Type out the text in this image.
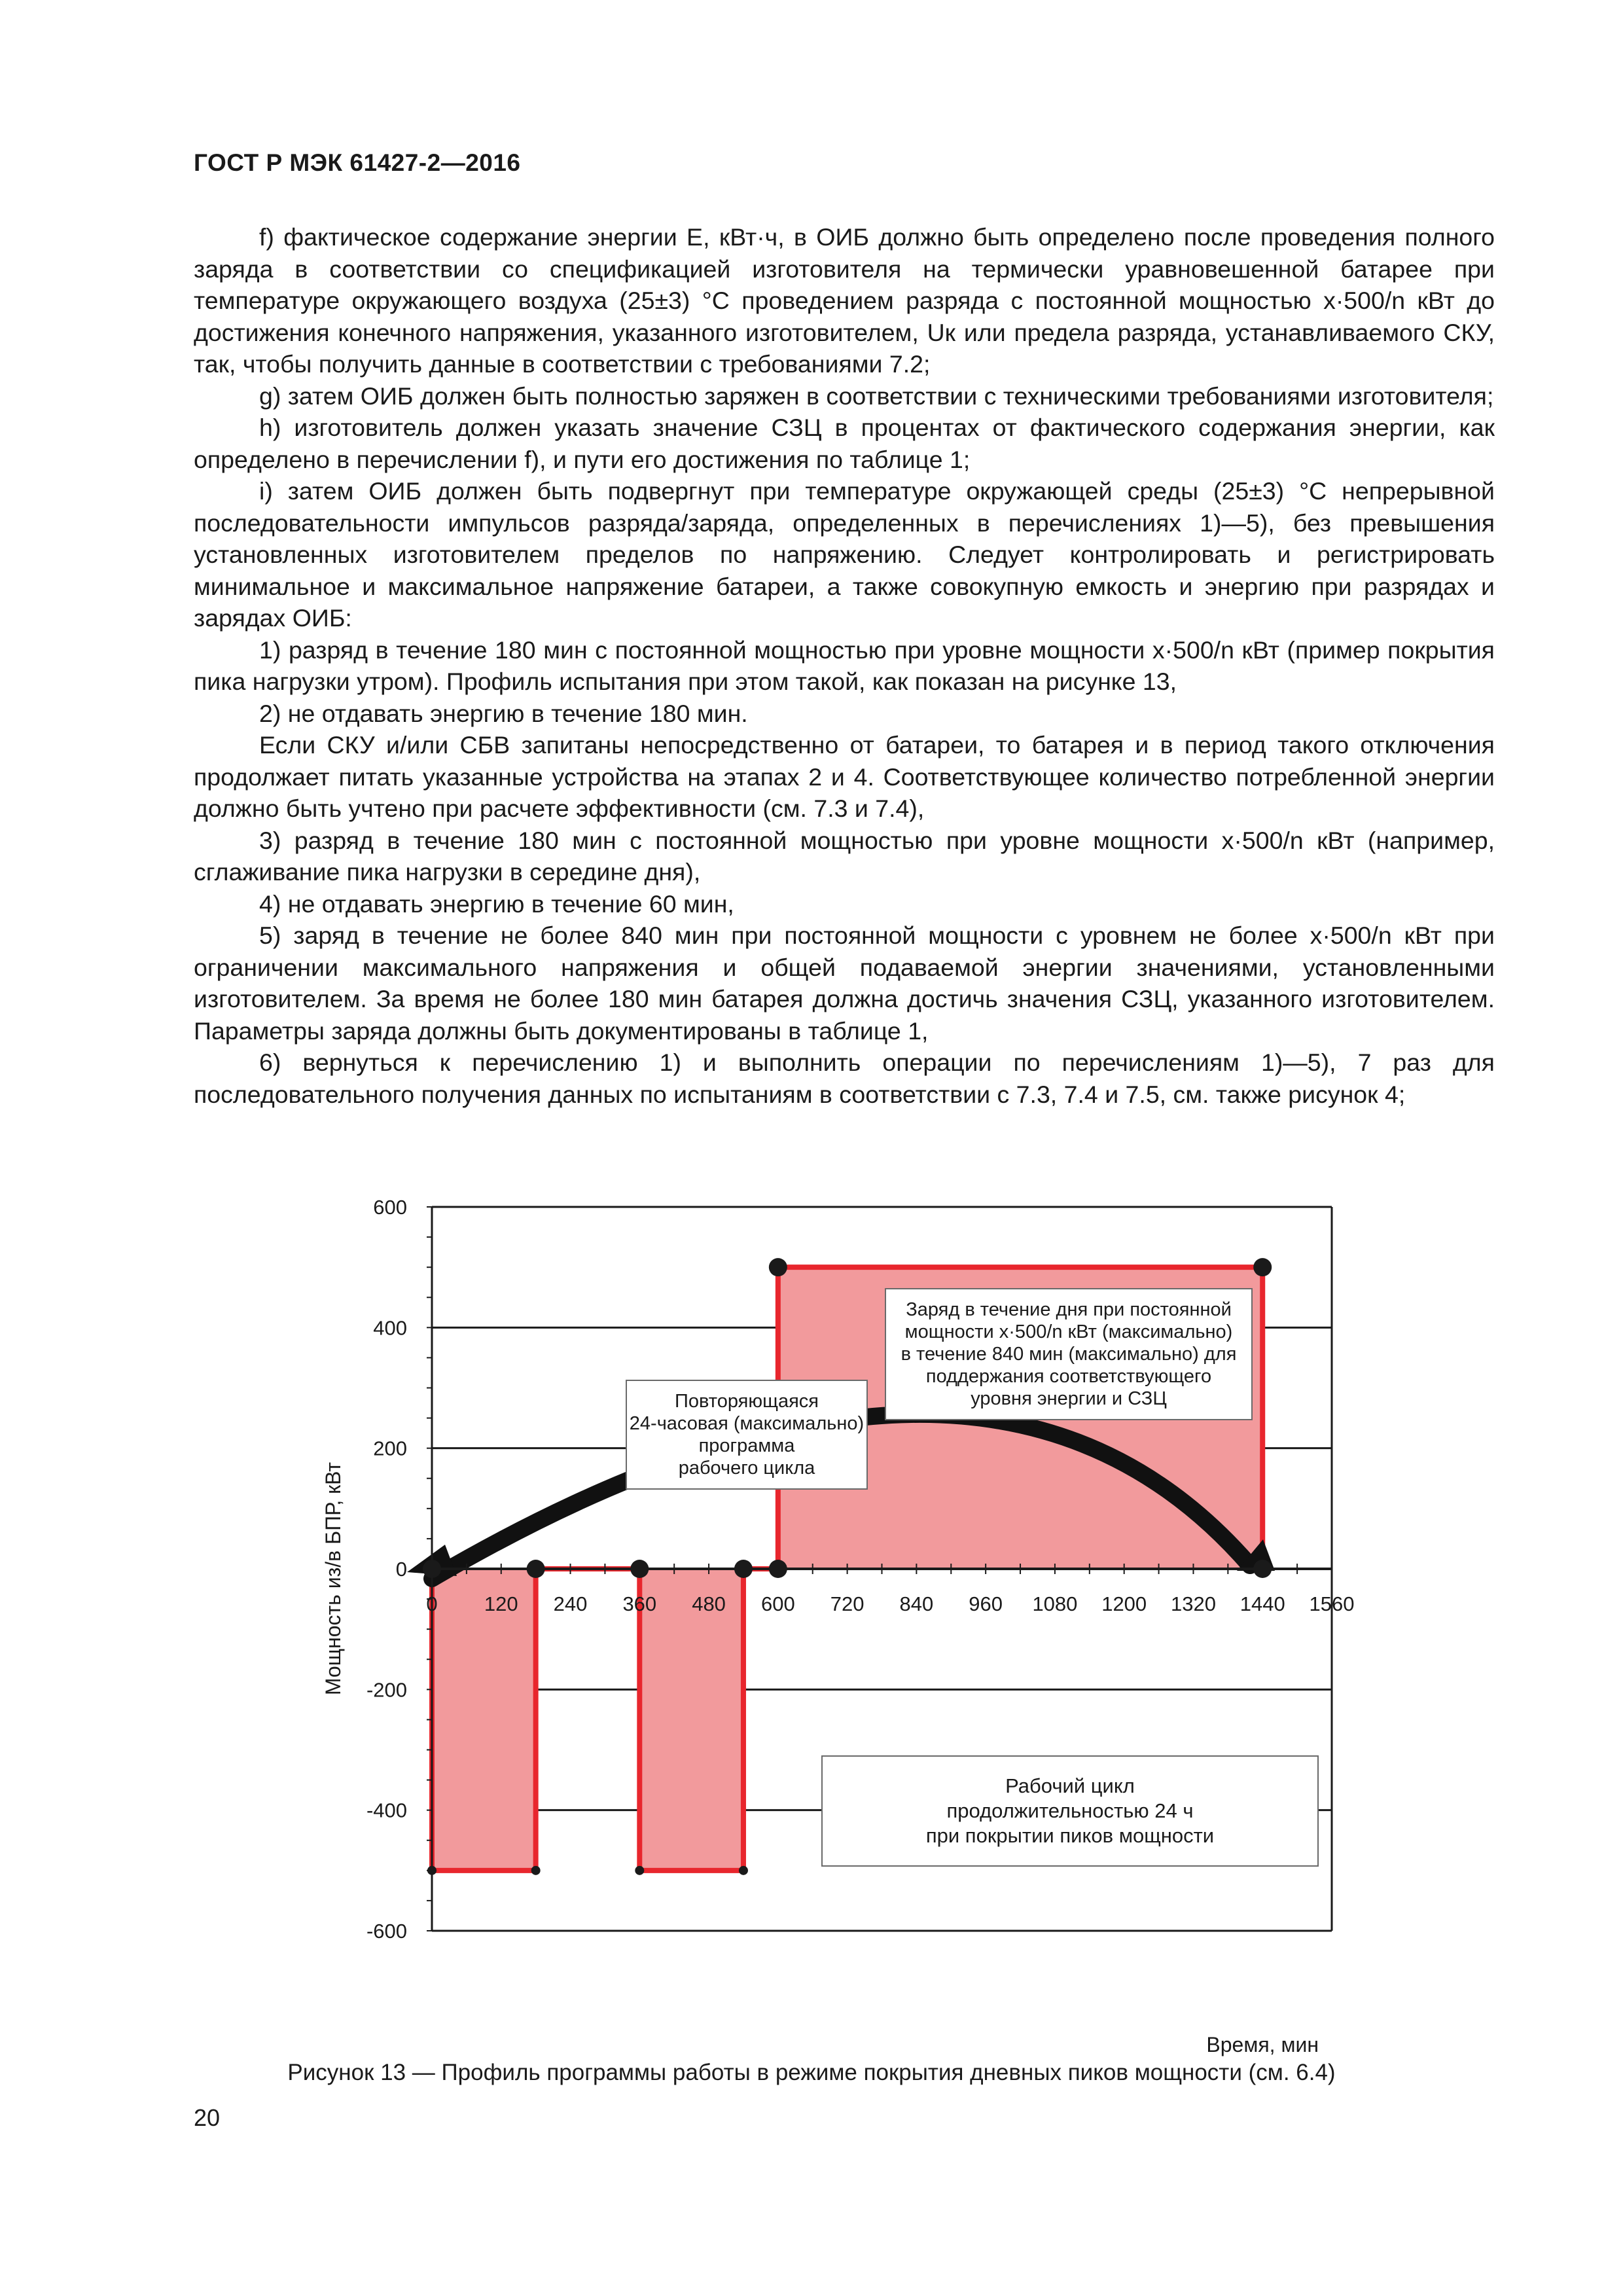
ГОСТ Р МЭК 61427-2—2016

f) фактическое содержание энергии E, кВт·ч, в ОИБ должно быть определено после проведения полного заряда в соответствии со спецификацией изготовителя на термически уравновешенной батарее при температуре окружающего воздуха (25±3) °С проведением разряда с постоянной мощностью x·500/n кВт до достижения конечного напряжения, указанного изготовителем, Uк или предела разряда, устанавливаемого СКУ, так, чтобы получить данные в соответствии с требованиями 7.2;

g) затем ОИБ должен быть полностью заряжен в соответствии с техническими требованиями изготовителя;

h) изготовитель должен указать значение СЗЦ в процентах от фактического содержания энергии, как определено в перечислении f), и пути его достижения по таблице 1;

i) затем ОИБ должен быть подвергнут при температуре окружающей среды (25±3) °С непрерывной последовательности импульсов разряда/заряда, определенных в перечислениях 1)—5), без превышения установленных изготовителем пределов по напряжению. Следует контролировать и регистрировать минимальное и максимальное напряжение батареи, а также совокупную емкость и энергию при разрядах и зарядах ОИБ:

1) разряд в течение 180 мин с постоянной мощностью при уровне мощности x·500/n кВт (пример покрытия пика нагрузки утром). Профиль испытания при этом такой, как показан на рисунке 13,

2) не отдавать энергию в течение 180 мин.

Если СКУ и/или СБВ запитаны непосредственно от батареи, то батарея и в период такого отключения продолжает питать указанные устройства на этапах 2 и 4. Соответствующее количество потребленной энергии должно быть учтено при расчете эффективности (см. 7.3 и 7.4),

3) разряд в течение 180 мин с постоянной мощностью при уровне мощности x·500/n кВт (например, сглаживание пика нагрузки в середине дня),

4) не отдавать энергию в течение 60 мин,

5) заряд в течение не более 840 мин при постоянной мощности с уровнем не более x·500/n кВт при ограничении максимального напряжения и общей подаваемой энергии значениями, установленными изготовителем. За время не более 180 мин батарея должна достичь значения СЗЦ, указанного изготовителем. Параметры заряда должны быть документированы в таблице 1,

6) вернуться к перечислению 1) и выполнить операции по перечислениям 1)—5), 7 раз для последовательного получения данных по испытаниям в соответствии с 7.3, 7.4 и 7.5, см. также рисунок 4;

600
400
200
0
-200
-400
-600
0 120 240 360 480 600 720 840 960 1080 1200 1320 1440 1560
Мощность из/в БПР, кВт
Время, мин
Заряд в течение дня при постоянной
мощности x·500/n кВт (максимально)
в течение 840 мин (максимально) для
поддержания соответствующего
уровня энергии и СЗЦ
Повторяющаяся
24-часовая (максимально)
программа
рабочего цикла
Рабочий цикл
продолжительностью 24 ч
при покрытии пиков мощности
Рисунок 13 — Профиль программы работы в режиме покрытия дневных пиков мощности (см. 6.4)
20
